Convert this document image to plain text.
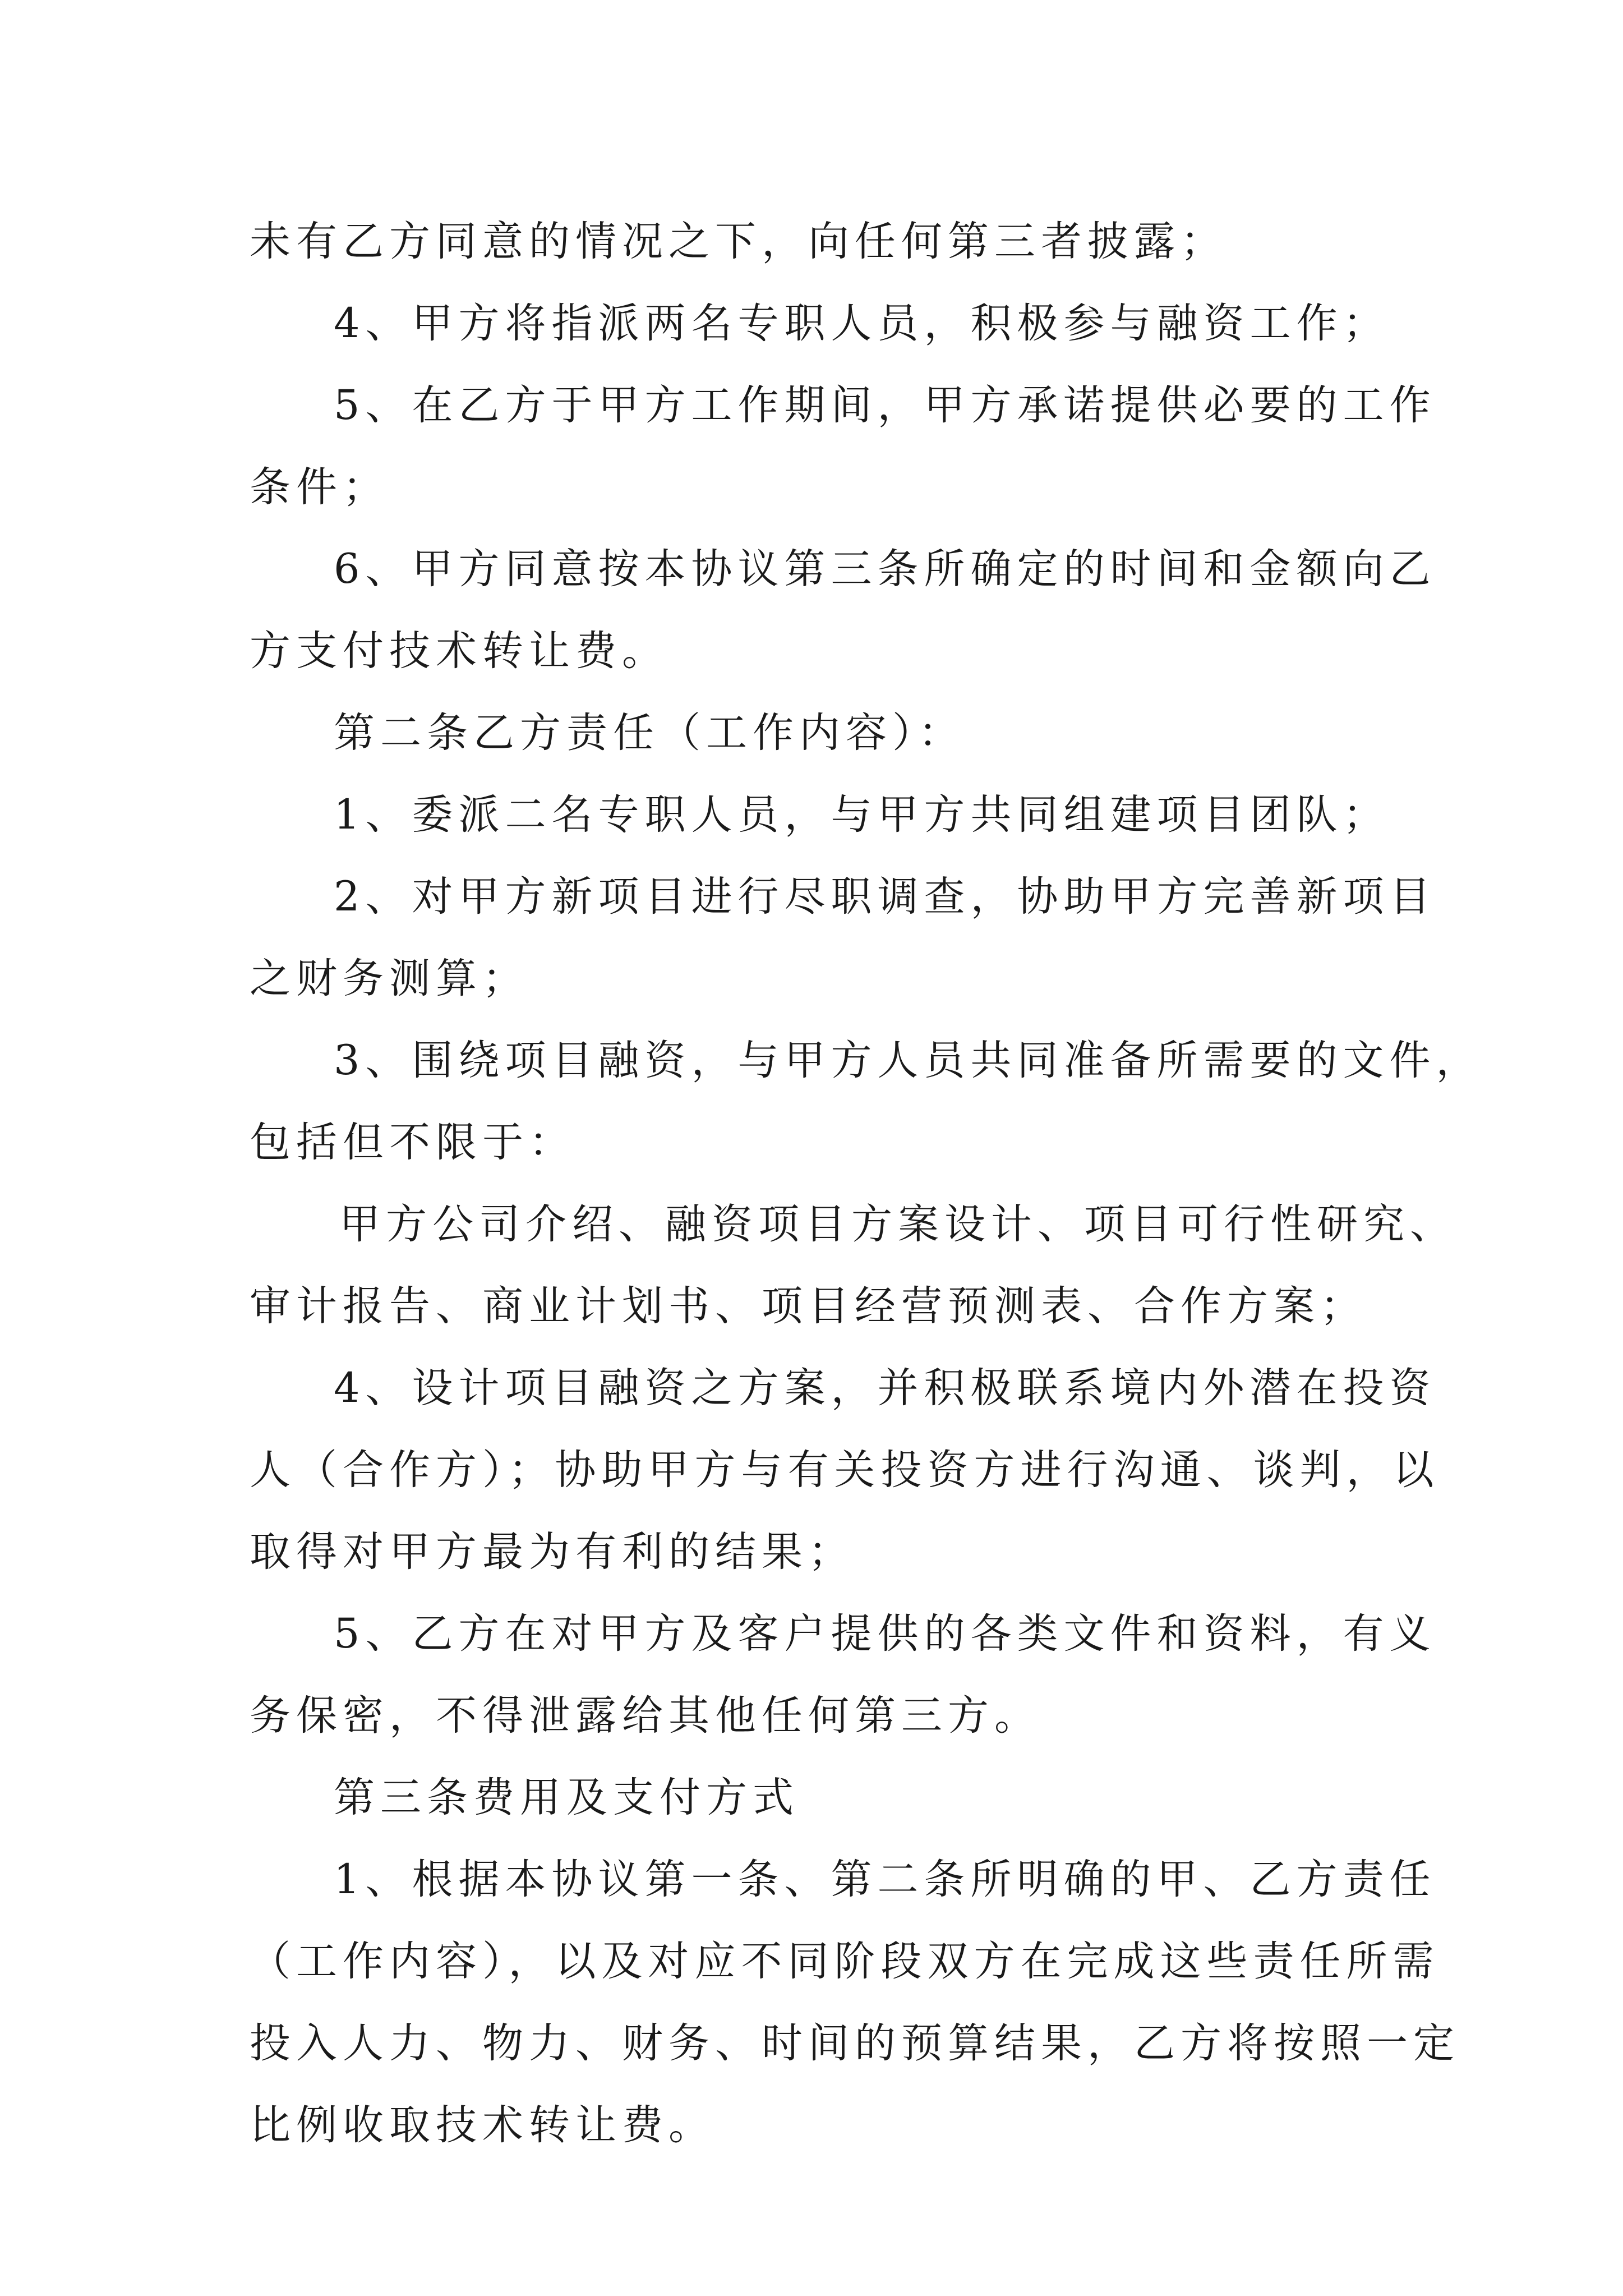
未有乙方同意的情况之下，向任何第三者披露；
4、甲方将指派两名专职人员，积极参与融资工作；
5、在乙方于甲方工作期间，甲方承诺提供必要的工作
条件；
6、甲方同意按本协议第三条所确定的时间和金额向乙
方支付技术转让费。
第二条乙方责任（工作内容）：
1、委派二名专职人员，与甲方共同组建项目团队；
2、对甲方新项目进行尽职调查，协助甲方完善新项目
之财务测算；
3、围绕项目融资，与甲方人员共同准备所需要的文件，
包括但不限于：
甲方公司介绍、融资项目方案设计、项目可行性研究、
审计报告、商业计划书、项目经营预测表、合作方案；
4、设计项目融资之方案，并积极联系境内外潜在投资
人（合作方）；协助甲方与有关投资方进行沟通、谈判，以
取得对甲方最为有利的结果；
5、乙方在对甲方及客户提供的各类文件和资料，有义
务保密，不得泄露给其他任何第三方。
第三条费用及支付方式
1、根据本协议第一条、第二条所明确的甲、乙方责任
（工作内容），以及对应不同阶段双方在完成这些责任所需
投入人力、物力、财务、时间的预算结果，乙方将按照一定
比例收取技术转让费。
